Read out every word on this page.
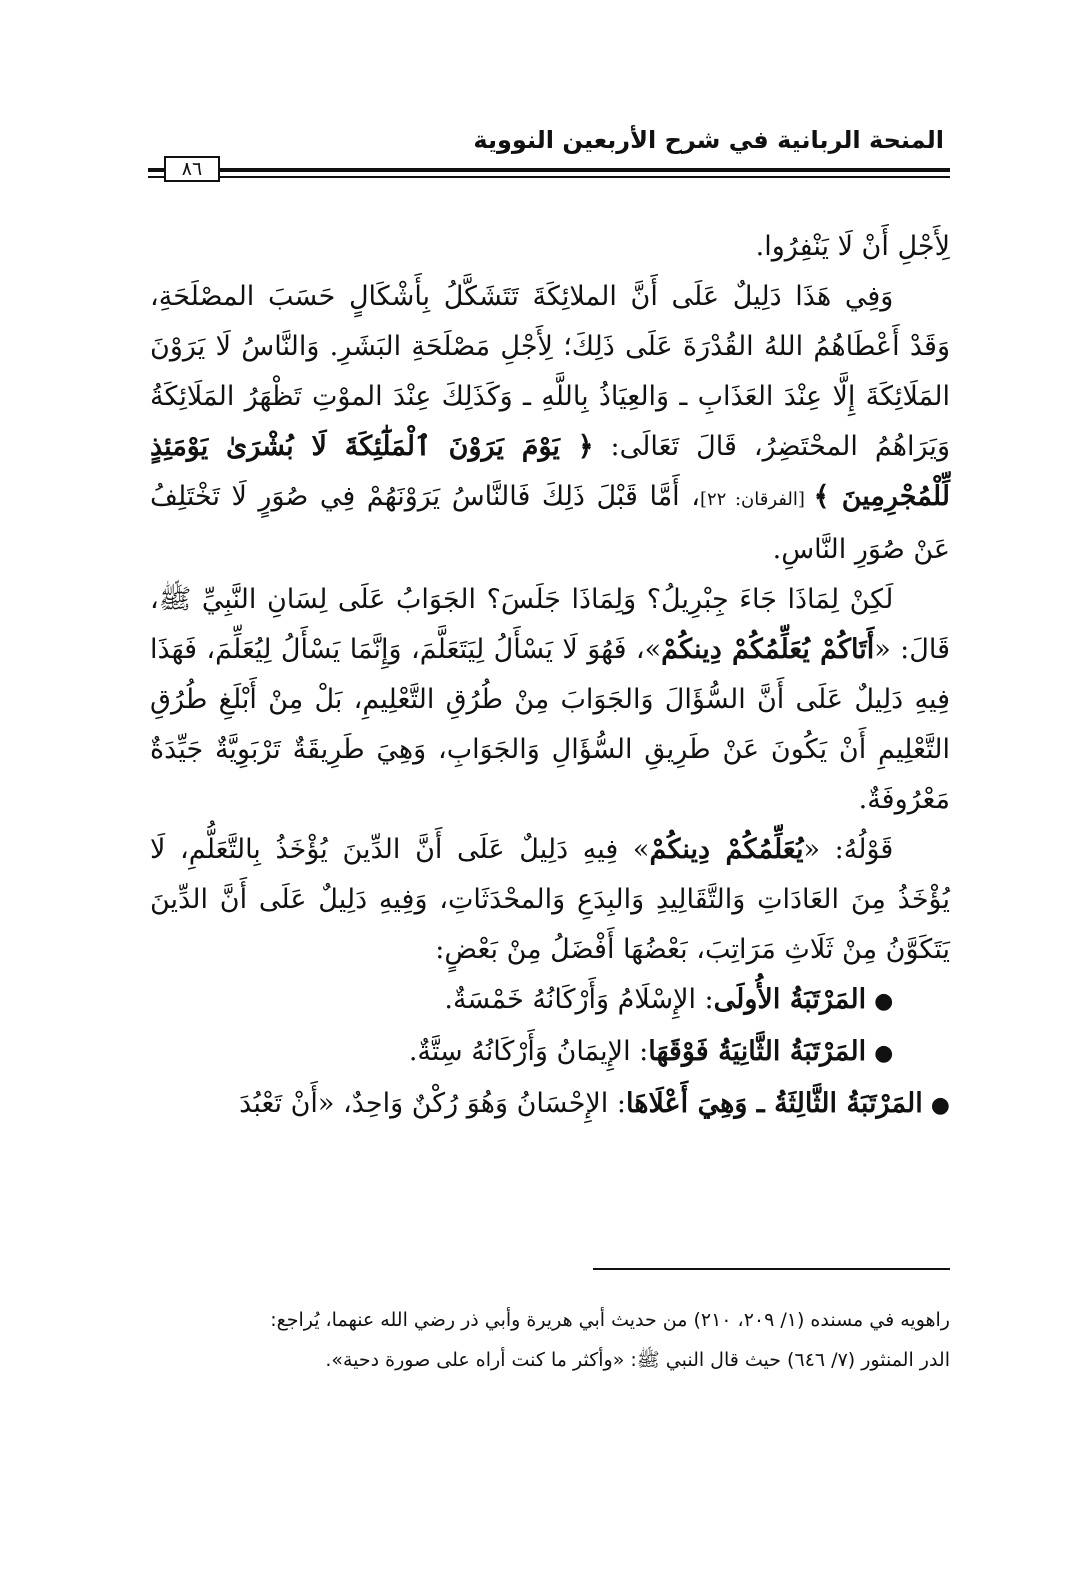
المنحة الربانية في شرح الأربعين النووية
٨٦

لِأَجْلِ أَنْ لَا يَنْفِرُوا.

وَفِي هَذَا دَلِيلٌ عَلَى أَنَّ الملائِكَةَ تَتَشَكَّلُ بِأَشْكَالٍ حَسَبَ المصْلَحَةِ، وَقَدْ أَعْطَاهُمُ اللهُ القُدْرَةَ عَلَى ذَلِكَ؛ لِأَجْلِ مَصْلَحَةِ البَشَرِ. وَالنَّاسُ لَا يَرَوْنَ المَلَائِكَةَ إِلَّا عِنْدَ العَذَابِ ـ وَالعِيَاذُ بِاللَّهِ ـ وَكَذَلِكَ عِنْدَ الموْتِ تَظْهَرُ المَلَائِكَةُ وَيَرَاهُمُ المحْتَضِرُ، قَالَ تَعَالَى: ﴿ يَوْمَ يَرَوْنَ ٱلْمَلَٰٓئِكَةَ لَا بُشْرَىٰ يَوْمَئِذٍ لِّلْمُجْرِمِينَ ﴾ [الفرقان: ٢٢]، أَمَّا قَبْلَ ذَلِكَ فَالنَّاسُ يَرَوْنَهُمْ فِي صُوَرٍ لَا تَخْتَلِفُ عَنْ صُوَرِ النَّاسِ.

لَكِنْ لِمَاذَا جَاءَ جِبْرِيلُ؟ وَلِمَاذَا جَلَسَ؟ الجَوَابُ عَلَى لِسَانِ النَّبِيِّ ﷺ، قَالَ: «أَتَاكُمْ يُعَلِّمُكُمْ دِينكُمْ»، فَهُوَ لَا يَسْأَلُ لِيَتَعَلَّمَ، وَإِنَّمَا يَسْأَلُ لِيُعَلِّمَ، فَهَذَا فِيهِ دَلِيلٌ عَلَى أَنَّ السُّؤَالَ وَالجَوَابَ مِنْ طُرُقِ التَّعْلِيمِ، بَلْ مِنْ أَبْلَغِ طُرُقِ التَّعْلِيمِ أَنْ يَكُونَ عَنْ طَرِيقِ السُّؤَالِ وَالجَوَابِ، وَهِيَ طَرِيقَةٌ تَرْبَوِيَّةٌ جَيِّدَةٌ مَعْرُوفَةٌ.

قَوْلُهُ: «يُعَلِّمُكُمْ دِينكُمْ» فِيهِ دَلِيلٌ عَلَى أَنَّ الدِّينَ يُؤْخَذُ بِالتَّعَلُّمِ، لَا يُؤْخَذُ مِنَ العَادَاتِ وَالتَّقَالِيدِ وَالبِدَعِ وَالمحْدَثَاتِ، وَفِيهِ دَلِيلٌ عَلَى أَنَّ الدِّينَ يَتَكَوَّنُ مِنْ ثَلَاثِ مَرَاتِبَ، بَعْضُهَا أَفْضَلُ مِنْ بَعْضٍ:

●المَرْتَبَةُ الأُولَى: الإِسْلَامُ وَأَرْكَانُهُ خَمْسَةٌ.
●المَرْتَبَةُ الثَّانِيَةُ فَوْقَهَا: الإِيمَانُ وَأَرْكَانُهُ سِتَّةٌ.
●المَرْتَبَةُ الثَّالِثَةُ ـ وَهِيَ أَعْلَاهَا: الإِحْسَانُ وَهُوَ رُكْنٌ وَاحِدٌ، «أَنْ تَعْبُدَ

راهويه في مسنده (١/ ٢٠٩، ٢١٠) من حديث أبي هريرة وأبي ذر رضي الله عنهما، يُراجع:

الدر المنثور (٧/ ٦٤٦) حيث قال النبي ﷺ: «وأكثر ما كنت أراه على صورة دحية».
